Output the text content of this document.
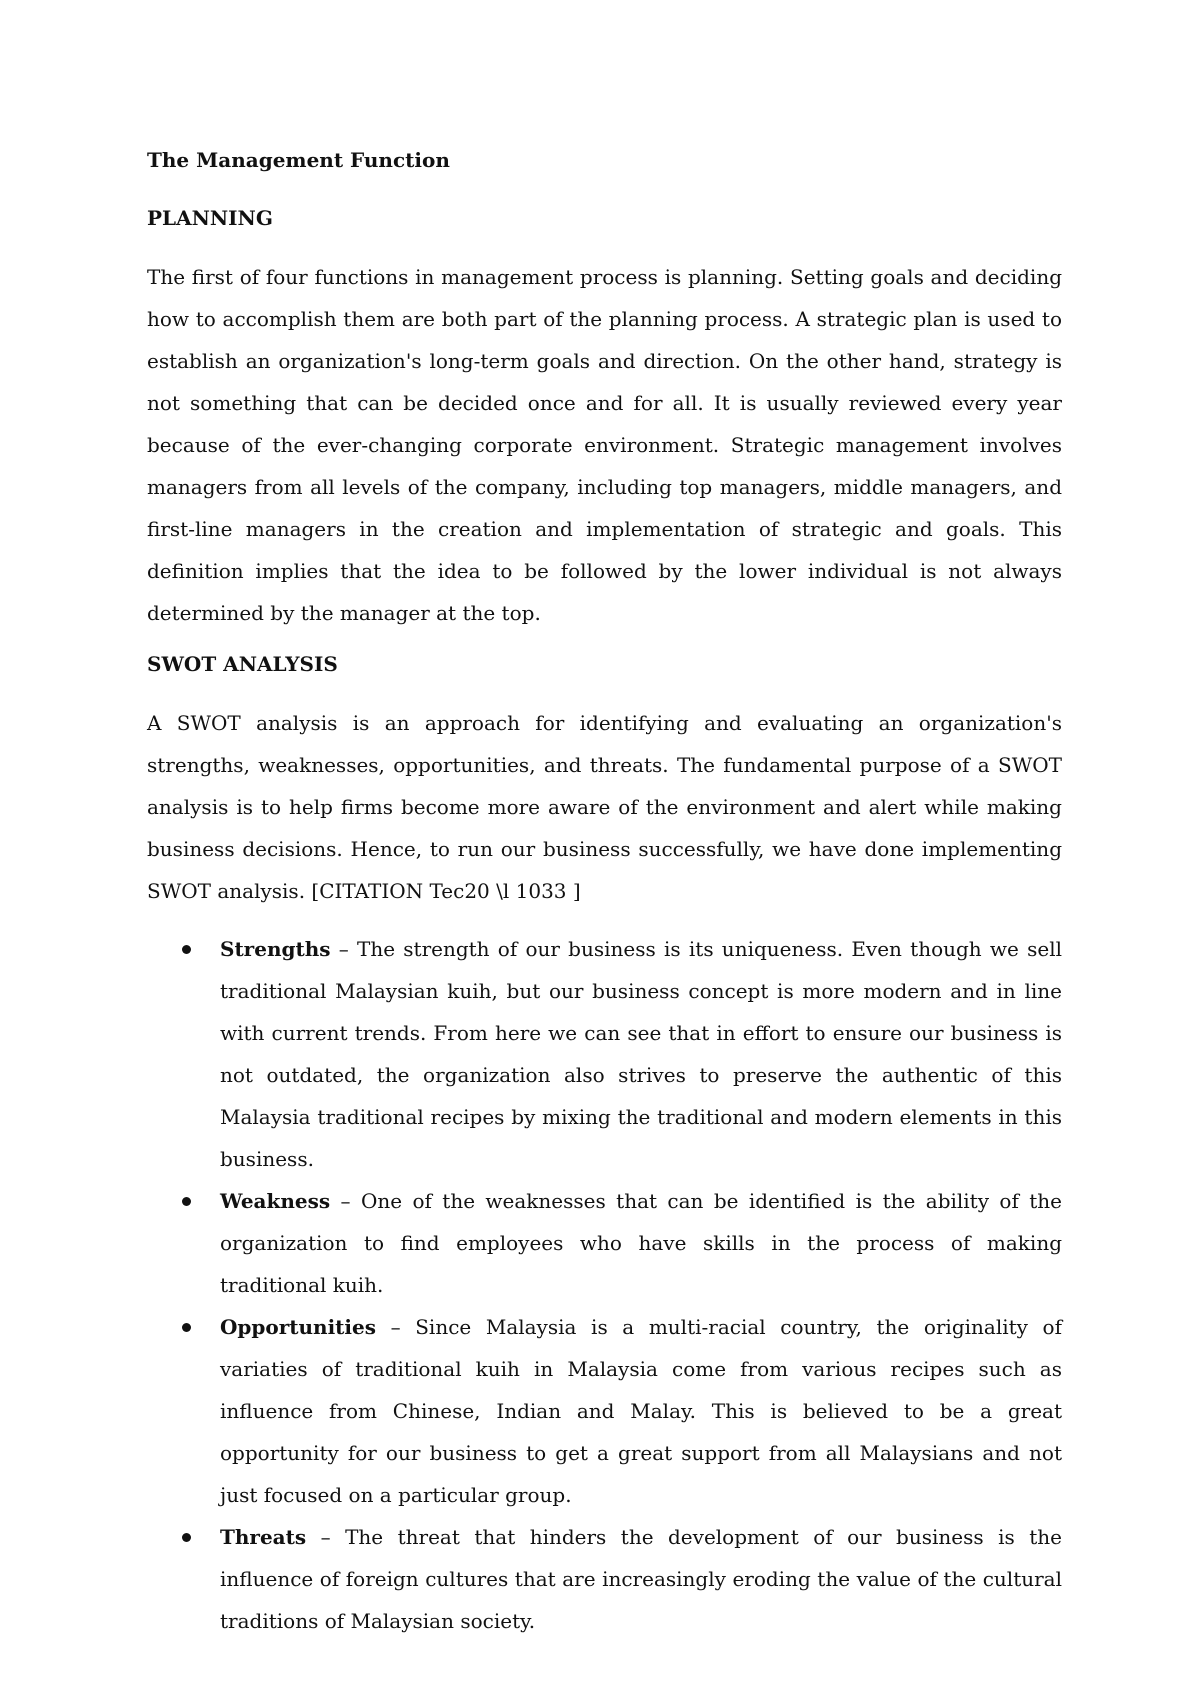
The Management Function
PLANNING

The first of four functions in management process is planning. Setting goals and deciding how to accomplish them are both part of the planning process. A strategic plan is used to establish an organization's long-term goals and direction. On the other hand, strategy is not something that can be decided once and for all. It is usually reviewed every year because of the ever-changing corporate environment. Strategic management involves managers from all levels of the company, including top managers, middle managers, and first-line managers in the creation and implementation of strategic and goals. This definition implies that the idea to be followed by the lower individual is not always determined by the manager at the top.

SWOT ANALYSIS

A SWOT analysis is an approach for identifying and evaluating an organization's strengths, weaknesses, opportunities, and threats. The fundamental purpose of a SWOT analysis is to help firms become more aware of the environment and alert while making business decisions. Hence, to run our business successfully, we have done implementing SWOT analysis. [CITATION Tec20 \l 1033 ]

Strengths – The strength of our business is its uniqueness. Even though we sell traditional Malaysian kuih, but our business concept is more modern and in line with current trends. From here we can see that in effort to ensure our business is not outdated, the organization also strives to preserve the authentic of this Malaysia traditional recipes by mixing the traditional and modern elements in this business.
Weakness – One of the weaknesses that can be identified is the ability of the organization to find employees who have skills in the process of making traditional kuih.
Opportunities – Since Malaysia is a multi-racial country, the originality of variaties of traditional kuih in Malaysia come from various recipes such as influence from Chinese, Indian and Malay. This is believed to be a great opportunity for our business to get a great support from all Malaysians and not just focused on a particular group.
Threats – The threat that hinders the development of our business is the influence of foreign cultures that are increasingly eroding the value of the cultural traditions of Malaysian society.
